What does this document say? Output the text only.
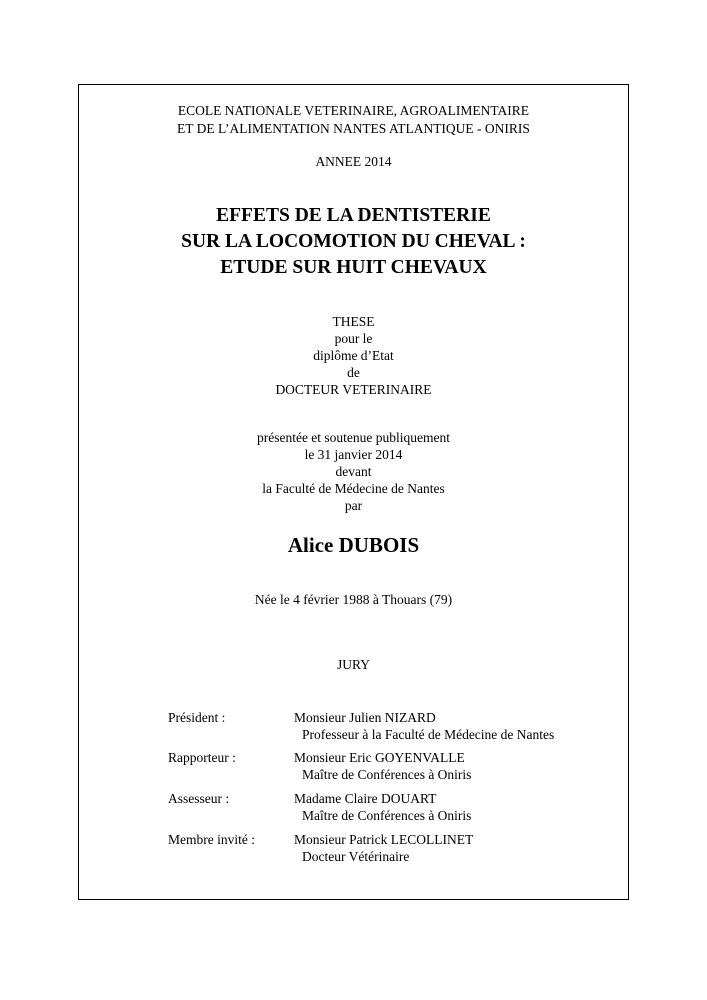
ECOLE NATIONALE VETERINAIRE, AGROALIMENTAIRE
ET DE L’ALIMENTATION NANTES ATLANTIQUE - ONIRIS
ANNEE 2014
EFFETS DE LA DENTISTERIE
SUR LA LOCOMOTION DU CHEVAL :
ETUDE SUR HUIT CHEVAUX
THESE
pour le
diplôme d’Etat
de
DOCTEUR VETERINAIRE
présentée et soutenue publiquement
le 31 janvier 2014
devant
la Faculté de Médecine de Nantes
par
Alice DUBOIS
Née le 4 février 1988 à Thouars (79)
JURY
Président :	Monsieur Julien NIZARD
Professeur à la Faculté de Médecine de Nantes
Rapporteur :	Monsieur Eric GOYENVALLE
Maître de Conférences à Oniris
Assesseur :	Madame Claire DOUART
Maître de Conférences à Oniris
Membre invité :	Monsieur Patrick LECOLLINET
Docteur Vétérinaire
